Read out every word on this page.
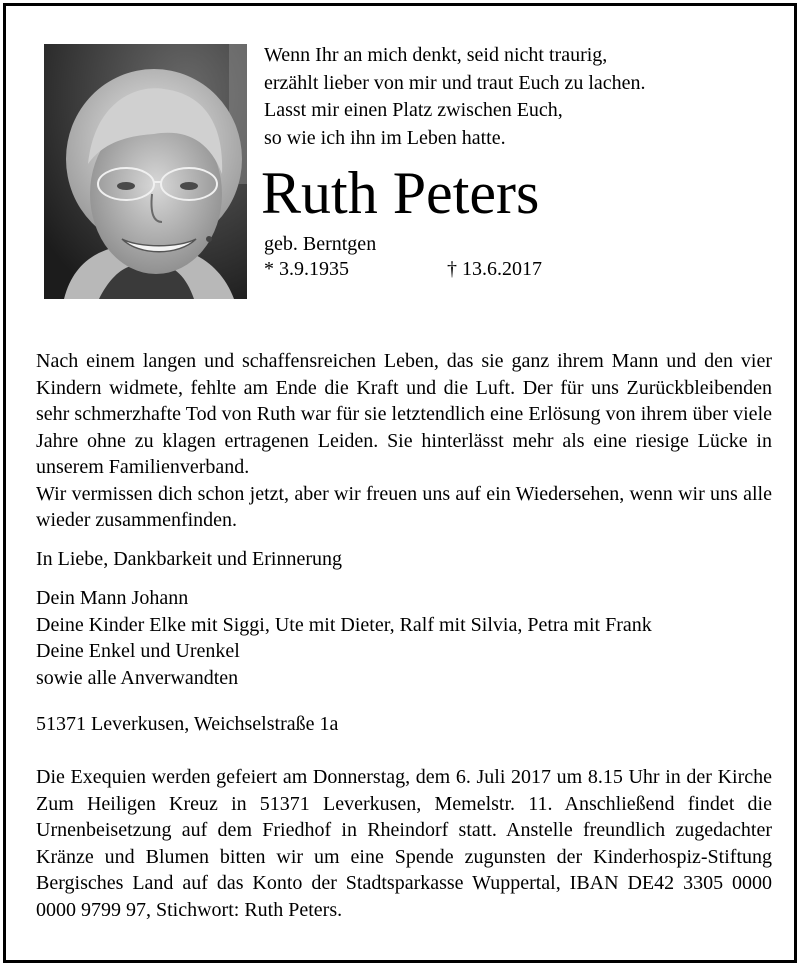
Wenn Ihr an mich denkt, seid nicht traurig,
erzählt lieber von mir und traut Euch zu lachen.
Lasst mir einen Platz zwischen Euch,
so wie ich ihn im Leben hatte.
Ruth Peters
geb. Berntgen
* 3.9.1935	† 13.6.2017

Nach einem langen und schaffensreichen Leben, das sie ganz ihrem Mann und den vier Kindern widmete, fehlte am Ende die Kraft und die Luft. Der für uns Zurückbleibenden sehr schmerzhafte Tod von Ruth war für sie letztendlich eine Erlösung von ihrem über viele Jahre ohne zu klagen ertragenen Leiden. Sie hinterlässt mehr als eine riesige Lücke in unserem Familienverband.

Wir vermissen dich schon jetzt, aber wir freuen uns auf ein Wiedersehen, wenn wir uns alle wieder zusammenfinden.

In Liebe, Dankbarkeit und Erinnerung
Dein Mann Johann
Deine Kinder Elke mit Siggi, Ute mit Dieter, Ralf mit Silvia, Petra mit Frank
Deine Enkel und Urenkel
sowie alle Anverwandten
51371 Leverkusen, Weichselstraße 1a

Die Exequien werden gefeiert am Donnerstag, dem 6. Juli 2017 um 8.15 Uhr in der Kirche Zum Heiligen Kreuz in 51371 Leverkusen, Memelstr. 11. Anschließend findet die Urnenbeisetzung auf dem Friedhof in Rheindorf statt. Anstelle freundlich zugedachter Kränze und Blumen bitten wir um eine Spende zugunsten der Kinderhospiz-Stiftung Bergisches Land auf das Konto der Stadtsparkasse Wuppertal, IBAN DE42 3305 0000 0000 9799 97, Stichwort: Ruth Peters.
